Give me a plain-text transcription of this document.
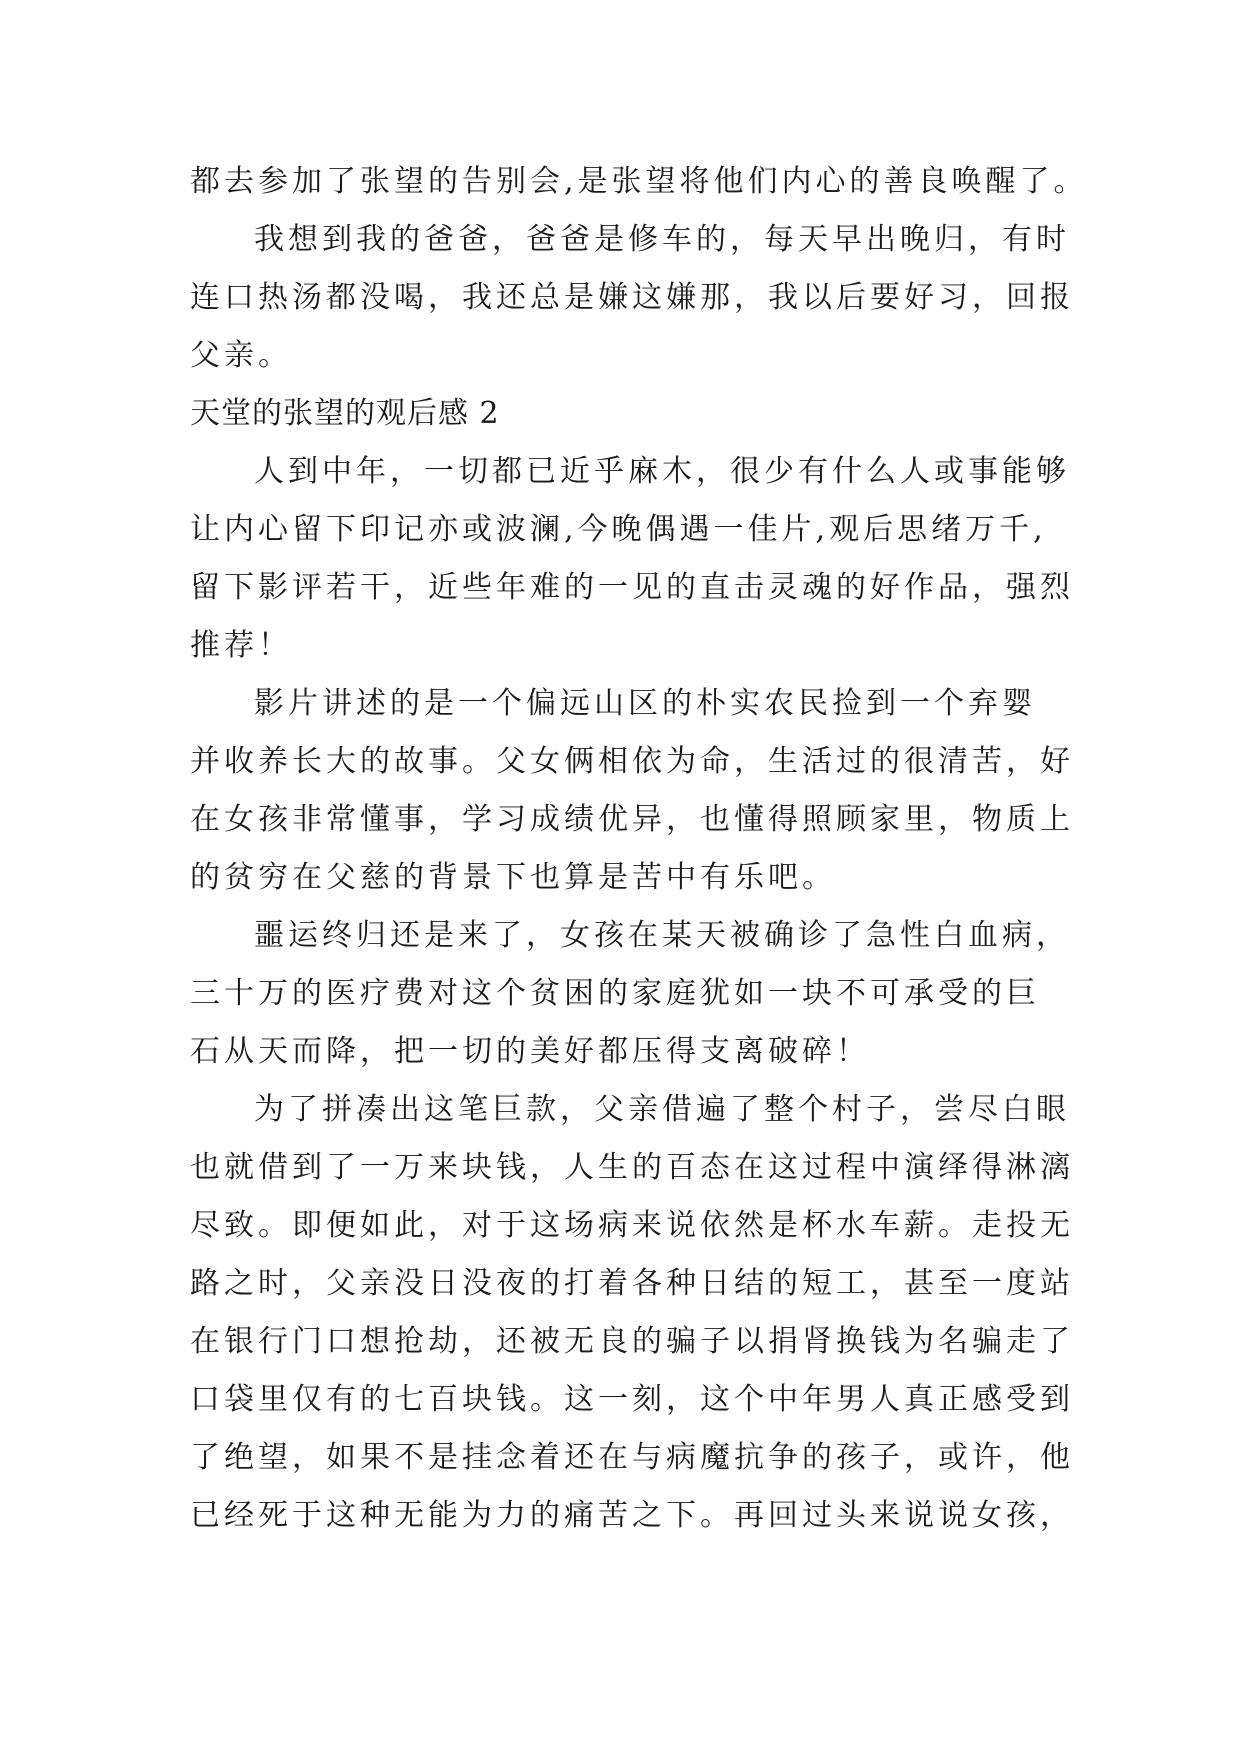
都去参加了张望的告别会,是张望将他们内心的善良唤醒了。
我想到我的爸爸，爸爸是修车的，每天早出晚归，有时
连口热汤都没喝，我还总是嫌这嫌那，我以后要好习，回报
父亲。
天堂的张望的观后感 2
人到中年，一切都已近乎麻木，很少有什么人或事能够
让内心留下印记亦或波澜,今晚偶遇一佳片,观后思绪万千,
留下影评若干，近些年难的一见的直击灵魂的好作品，强烈
推荐！
影片讲述的是一个偏远山区的朴实农民捡到一个弃婴
并收养长大的故事。父女俩相依为命，生活过的很清苦，好
在女孩非常懂事，学习成绩优异，也懂得照顾家里，物质上
的贫穷在父慈的背景下也算是苦中有乐吧。
噩运终归还是来了，女孩在某天被确诊了急性白血病，
三十万的医疗费对这个贫困的家庭犹如一块不可承受的巨
石从天而降，把一切的美好都压得支离破碎！
为了拼凑出这笔巨款，父亲借遍了整个村子，尝尽白眼
也就借到了一万来块钱，人生的百态在这过程中演绎得淋漓
尽致。即便如此，对于这场病来说依然是杯水车薪。走投无
路之时，父亲没日没夜的打着各种日结的短工，甚至一度站
在银行门口想抢劫，还被无良的骗子以捐肾换钱为名骗走了
口袋里仅有的七百块钱。这一刻，这个中年男人真正感受到
了绝望，如果不是挂念着还在与病魔抗争的孩子，或许，他
已经死于这种无能为力的痛苦之下。再回过头来说说女孩，
